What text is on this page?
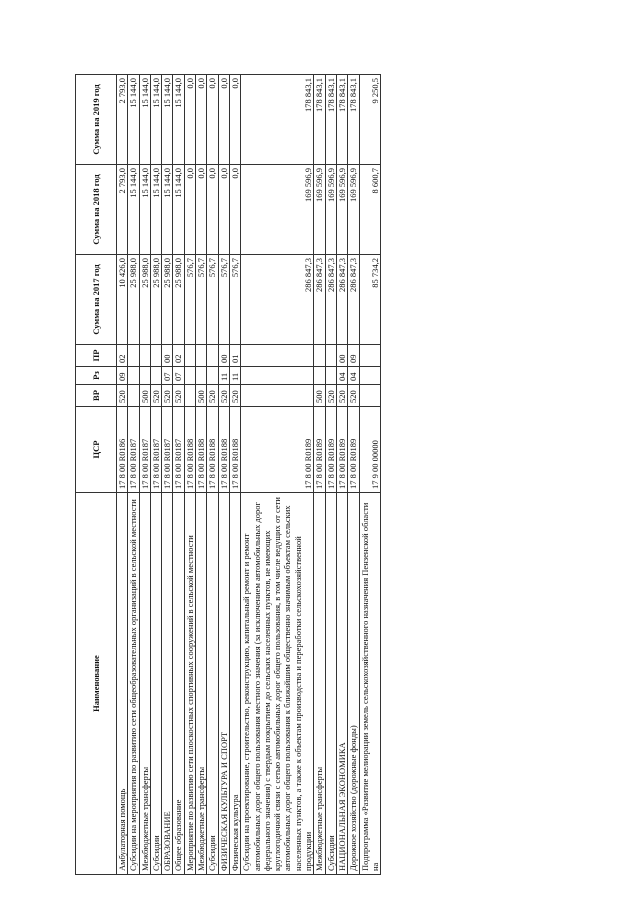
Наименование	ЦСР	ВР	Рз	ПР	Сумма на 2017 год	Сумма на 2018 год	Сумма на 2019 год
Амбулаторная помощь	17 8 00 R0186	520	09	02	10 426,0	2 793,0	2 793,0
Субсидии на мероприятия по развитию сети общеобразовательных организаций в сельской местности	17 8 00 R0187				25 988,0	15 144,0	15 144,0
Межбюджетные трансферты	17 8 00 R0187	500			25 988,0	15 144,0	15 144,0
Субсидии	17 8 00 R0187	520			25 988,0	15 144,0	15 144,0
ОБРАЗОВАНИЕ	17 8 00 R0187	520	07	00	25 988,0	15 144,0	15 144,0
Общее образование	17 8 00 R0187	520	07	02	25 988,0	15 144,0	15 144,0
Мероприятие по развитию сети плоскостных спортивных сооружений в сельской местности	17 8 00 R0188				576,7	0,0	0,0
Межбюджетные трансферты	17 8 00 R0188	500			576,7	0,0	0,0
Субсидии	17 8 00 R0188	520			576,7	0,0	0,0
ФИЗИЧЕСКАЯ КУЛЬТУРА И СПОРТ	17 8 00 R0188	520	11	00	576,7	0,0	0,0
Физическая культура	17 8 00 R0188	520	11	01	576,7	0,0	0,0
Субсидии на проектирование, строительство, реконструкцию, капитальный ремонт и ремонт автомобильных дорог общего пользования местного значения (за исключением автомобильных дорог федерального значения) с твердым покрытием до сельских населенных пунктов, не имеющих круглогодичной связи с сетью автомобильных дорог общего пользования, в том числе ведущих от сети автомобильных дорог общего пользования к ближайшим общественно значимым объектам сельских населенных пунктов, а также к объектам производства и переработки сельскохозяйственной продукции	17 8 00 R0189				286 847,3	169 596,9	178 843,1
Межбюджетные трансферты	17 8 00 R0189	500			286 847,3	169 596,9	178 843,1
Субсидии	17 8 00 R0189	520			286 847,3	169 596,9	178 843,1
НАЦИОНАЛЬНАЯ ЭКОНОМИКА	17 8 00 R0189	520	04	00	286 847,3	169 596,9	178 843,1
Дорожное хозяйство (дорожные фонды)	17 8 00 R0189	520	04	09	286 847,3	169 596,9	178 843,1
Подпрограмма «Развитие мелиорации земель сельскохозяйственного назначения Пензенской области на	17 9 00 00000				85 734,2	8 600,7	9 250,5
